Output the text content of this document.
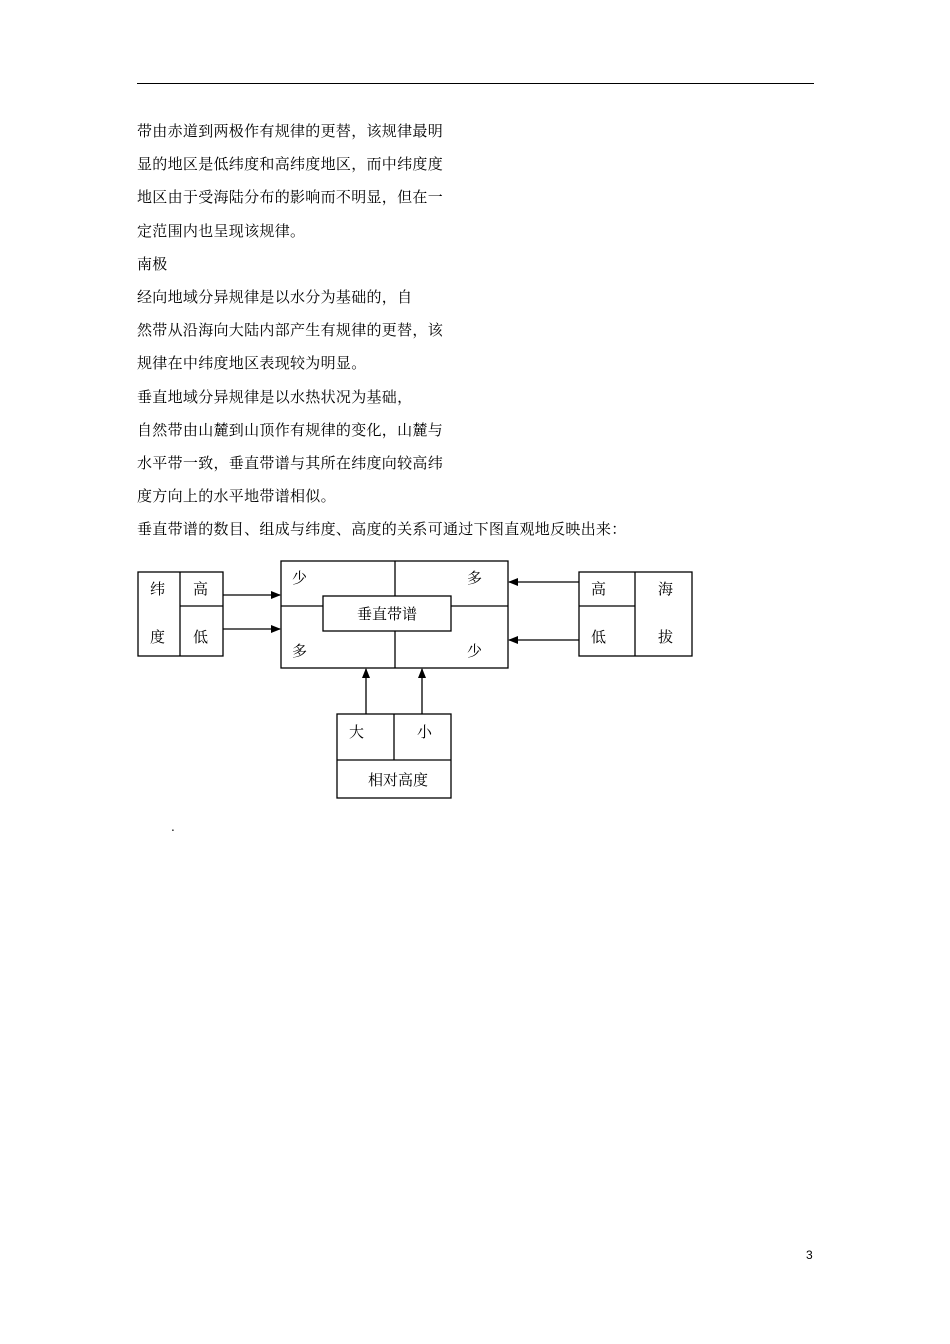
带由赤道到两极作有规律的更替，该规律最明
显的地区是低纬度和高纬度地区，而中纬度度
地区由于受海陆分布的影响而不明显，但在一
定范围内也呈现该规律。
南极
经向地域分异规律是以水分为基础的，自
然带从沿海向大陆内部产生有规律的更替，该
规律在中纬度地区表现较为明显。
垂直地域分异规律是以水热状况为基础，
自然带由山麓到山顶作有规律的变化，山麓与
水平带一致，垂直带谱与其所在纬度向较高纬
度方向上的水平地带谱相似。
垂直带谱的数目、组成与纬度、高度的关系可通过下图直观地反映出来：
纬
度
高
低
少	多
多	少
垂直带谱
高
低
海
拔
大	小
相对高度
.
3
